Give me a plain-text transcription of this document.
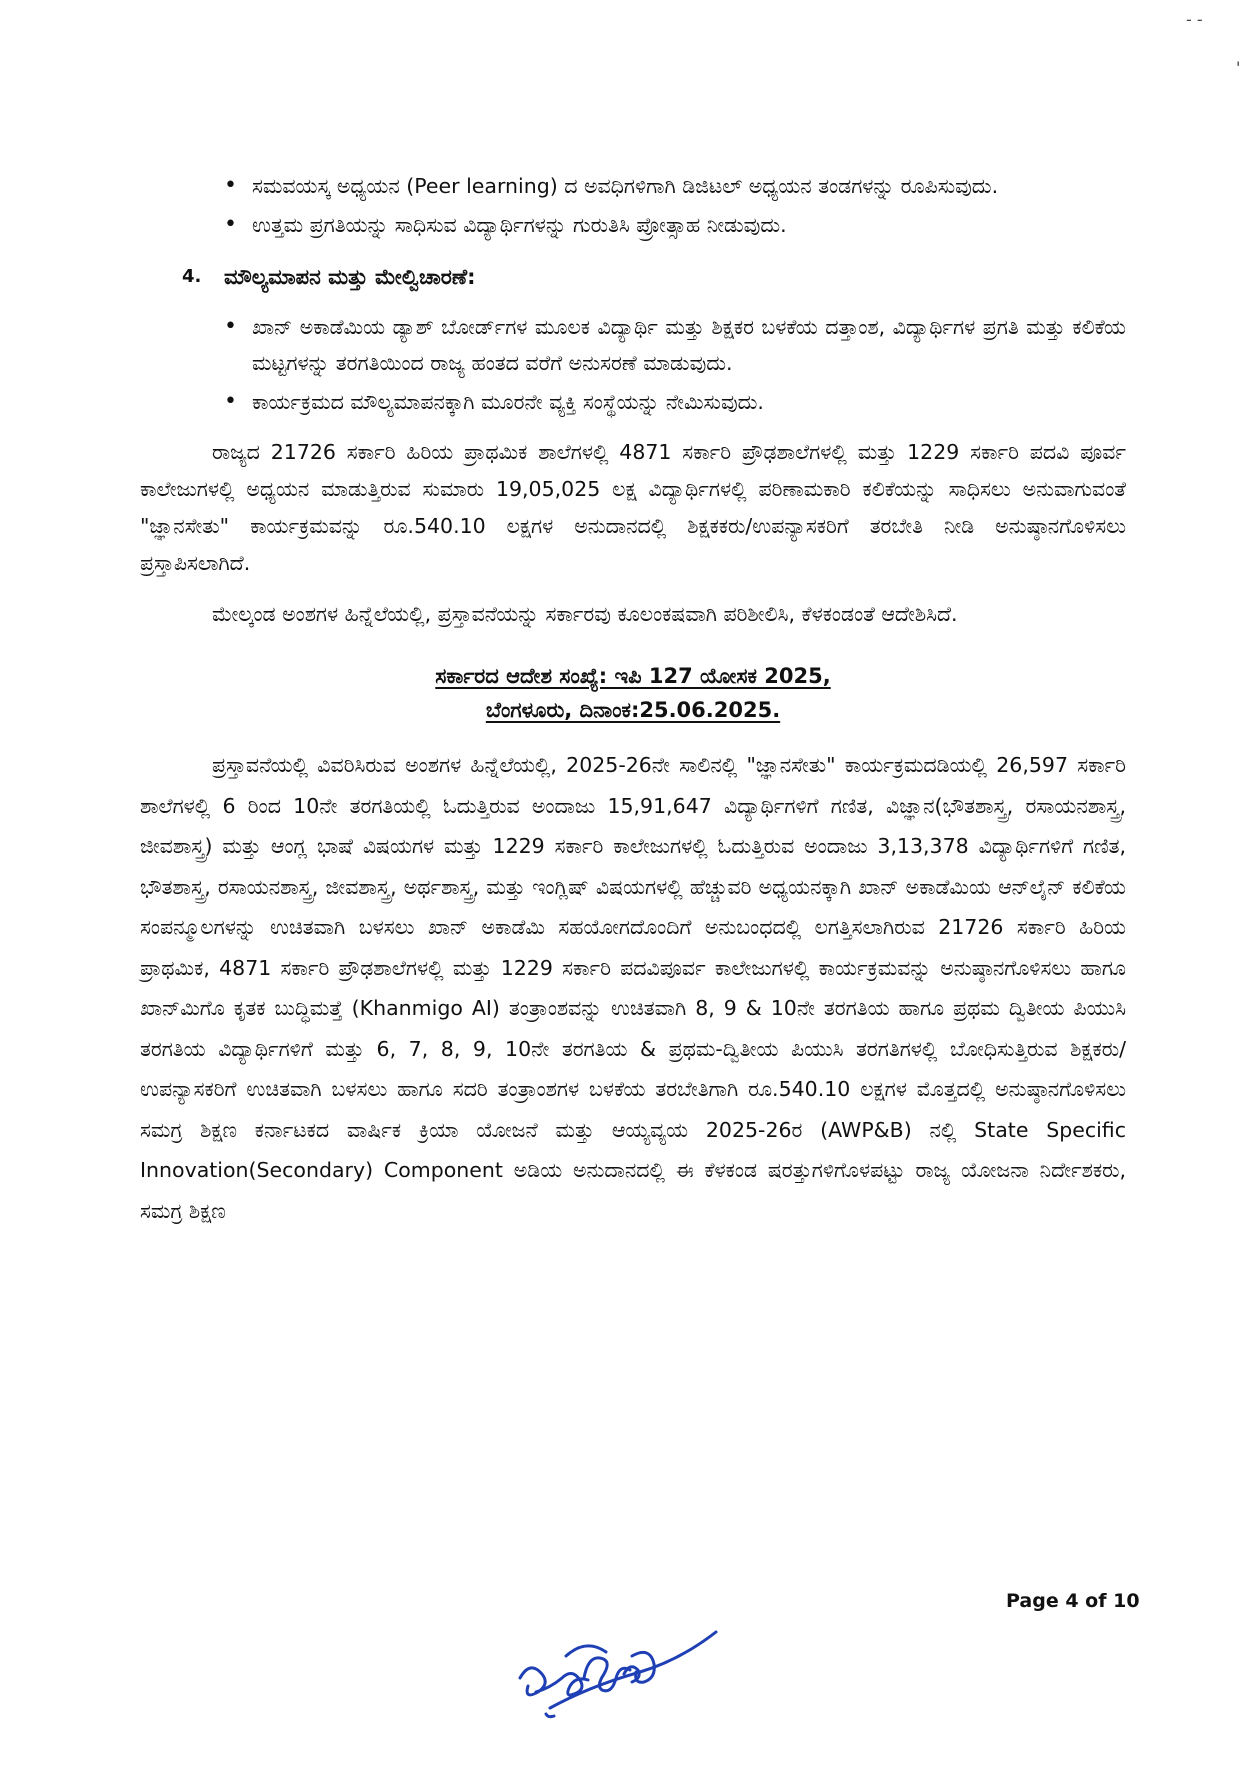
- -
'
• ಸಮವಯಸ್ಕ ಅಧ್ಯಯನ (Peer learning) ದ ಅವಧಿಗಳಿಗಾಗಿ ಡಿಜಿಟಲ್ ಅಧ್ಯಯನ ತಂಡಗಳನ್ನು ರೂಪಿಸುವುದು.
• ಉತ್ತಮ ಪ್ರಗತಿಯನ್ನು ಸಾಧಿಸುವ ವಿದ್ಯಾರ್ಥಿಗಳನ್ನು ಗುರುತಿಸಿ ಪ್ರೋತ್ಸಾಹ ನೀಡುವುದು.
4. ಮೌಲ್ಯಮಾಪನ ಮತ್ತು ಮೇಲ್ವಿಚಾರಣೆ:
• ಖಾನ್ ಅಕಾಡೆಮಿಯ ಡ್ಯಾಶ್ ಬೋರ್ಡ್‌ಗಳ ಮೂಲಕ ವಿದ್ಯಾರ್ಥಿ ಮತ್ತು ಶಿಕ್ಷಕರ ಬಳಕೆಯ ದತ್ತಾಂಶ, ವಿದ್ಯಾರ್ಥಿಗಳ ಪ್ರಗತಿ ಮತ್ತು ಕಲಿಕೆಯ ಮಟ್ಟಗಳನ್ನು ತರಗತಿಯಿಂದ ರಾಜ್ಯ ಹಂತದ ವರೆಗೆ ಅನುಸರಣೆ ಮಾಡುವುದು.
• ಕಾರ್ಯಕ್ರಮದ ಮೌಲ್ಯಮಾಪನಕ್ಕಾಗಿ ಮೂರನೇ ವ್ಯಕ್ತಿ ಸಂಸ್ಥೆಯನ್ನು ನೇಮಿಸುವುದು.

ರಾಜ್ಯದ 21726 ಸರ್ಕಾರಿ ಹಿರಿಯ ಪ್ರಾಥಮಿಕ ಶಾಲೆಗಳಲ್ಲಿ 4871 ಸರ್ಕಾರಿ ಪ್ರೌಢಶಾಲೆಗಳಲ್ಲಿ ಮತ್ತು 1229 ಸರ್ಕಾರಿ ಪದವಿ ಪೂರ್ವ ಕಾಲೇಜುಗಳಲ್ಲಿ ಅಧ್ಯಯನ ಮಾಡುತ್ತಿರುವ ಸುಮಾರು 19,05,025 ಲಕ್ಷ ವಿದ್ಯಾರ್ಥಿಗಳಲ್ಲಿ ಪರಿಣಾಮಕಾರಿ ಕಲಿಕೆಯನ್ನು ಸಾಧಿಸಲು ಅನುವಾಗುವಂತೆ "ಜ್ಞಾನಸೇತು" ಕಾರ್ಯಕ್ರಮವನ್ನು ರೂ.540.10 ಲಕ್ಷಗಳ ಅನುದಾನದಲ್ಲಿ ಶಿಕ್ಷಕಕರು/ಉಪನ್ಯಾಸಕರಿಗೆ ತರಬೇತಿ ನೀಡಿ ಅನುಷ್ಠಾನಗೊಳಿಸಲು ಪ್ರಸ್ತಾಪಿಸಲಾಗಿದೆ.

ಮೇಲ್ಕಂಡ ಅಂಶಗಳ ಹಿನ್ನೆಲೆಯಲ್ಲಿ, ಪ್ರಸ್ತಾವನೆಯನ್ನು ಸರ್ಕಾರವು ಕೂಲಂಕಷವಾಗಿ ಪರಿಶೀಲಿಸಿ, ಕೆಳಕಂಡಂತೆ ಆದೇಶಿಸಿದೆ.

ಸರ್ಕಾರದ ಆದೇಶ ಸಂಖ್ಯೆ: ಇಪಿ 127 ಯೋಸಕ 2025,
ಬೆಂಗಳೂರು, ದಿನಾಂಕ:25.06.2025.

ಪ್ರಸ್ತಾವನೆಯಲ್ಲಿ ವಿವರಿಸಿರುವ ಅಂಶಗಳ ಹಿನ್ನೆಲೆಯಲ್ಲಿ, 2025-26ನೇ ಸಾಲಿನಲ್ಲಿ "ಜ್ಞಾನಸೇತು" ಕಾರ್ಯಕ್ರಮದಡಿಯಲ್ಲಿ 26,597 ಸರ್ಕಾರಿ ಶಾಲೆಗಳಲ್ಲಿ 6 ರಿಂದ 10ನೇ ತರಗತಿಯಲ್ಲಿ ಓದುತ್ತಿರುವ ಅಂದಾಜು 15,91,647 ವಿದ್ಯಾರ್ಥಿಗಳಿಗೆ ಗಣಿತ, ವಿಜ್ಞಾನ(ಭೌತಶಾಸ್ತ್ರ, ರಸಾಯನಶಾಸ್ತ್ರ, ಜೀವಶಾಸ್ತ್ರ) ಮತ್ತು ಆಂಗ್ಲ ಭಾಷೆ ವಿಷಯಗಳ ಮತ್ತು 1229 ಸರ್ಕಾರಿ ಕಾಲೇಜುಗಳಲ್ಲಿ ಓದುತ್ತಿರುವ ಅಂದಾಜು 3,13,378 ವಿದ್ಯಾರ್ಥಿಗಳಿಗೆ ಗಣಿತ, ಭೌತಶಾಸ್ತ್ರ, ರಸಾಯನಶಾಸ್ತ್ರ, ಜೀವಶಾಸ್ತ್ರ, ಅರ್ಥಶಾಸ್ತ್ರ, ಮತ್ತು ಇಂಗ್ಲಿಷ್ ವಿಷಯಗಳಲ್ಲಿ ಹೆಚ್ಚುವರಿ ಅಧ್ಯಯನಕ್ಕಾಗಿ ಖಾನ್ ಅಕಾಡೆಮಿಯ ಆನ್‌ಲೈನ್ ಕಲಿಕೆಯ ಸಂಪನ್ಮೂಲಗಳನ್ನು ಉಚಿತವಾಗಿ ಬಳಸಲು ಖಾನ್ ಅಕಾಡೆಮಿ ಸಹಯೋಗದೊಂದಿಗೆ ಅನುಬಂಧದಲ್ಲಿ ಲಗತ್ತಿಸಲಾಗಿರುವ 21726 ಸರ್ಕಾರಿ ಹಿರಿಯ ಪ್ರಾಥಮಿಕ, 4871 ಸರ್ಕಾರಿ ಪ್ರೌಢಶಾಲೆಗಳಲ್ಲಿ ಮತ್ತು 1229 ಸರ್ಕಾರಿ ಪದವಿಪೂರ್ವ ಕಾಲೇಜುಗಳಲ್ಲಿ ಕಾರ್ಯಕ್ರಮವನ್ನು ಅನುಷ್ಠಾನಗೊಳಿಸಲು ಹಾಗೂ ಖಾನ್‌ಮಿಗೊ ಕೃತಕ ಬುದ್ಧಿಮತ್ತೆ (Khanmigo AI) ತಂತ್ರಾಂಶವನ್ನು ಉಚಿತವಾಗಿ 8, 9 & 10ನೇ ತರಗತಿಯ ಹಾಗೂ ಪ್ರಥಮ ದ್ವಿತೀಯ ಪಿಯುಸಿ ತರಗತಿಯ ವಿದ್ಯಾರ್ಥಿಗಳಿಗೆ ಮತ್ತು 6, 7, 8, 9, 10ನೇ ತರಗತಿಯ & ಪ್ರಥಮ-ದ್ವಿತೀಯ ಪಿಯುಸಿ ತರಗತಿಗಳಲ್ಲಿ ಬೋಧಿಸುತ್ತಿರುವ ಶಿಕ್ಷಕರು/ಉಪನ್ಯಾಸಕರಿಗೆ ಉಚಿತವಾಗಿ ಬಳಸಲು ಹಾಗೂ ಸದರಿ ತಂತ್ರಾಂಶಗಳ ಬಳಕೆಯ ತರಬೇತಿಗಾಗಿ ರೂ.540.10 ಲಕ್ಷಗಳ ಮೊತ್ತದಲ್ಲಿ ಅನುಷ್ಠಾನಗೊಳಿಸಲು ಸಮಗ್ರ ಶಿಕ್ಷಣ ಕರ್ನಾಟಕದ ವಾರ್ಷಿಕ ಕ್ರಿಯಾ ಯೋಜನೆ ಮತ್ತು ಆಯ್ಯವ್ಯಯ 2025-26ರ (AWP&B) ನಲ್ಲಿ State Specific Innovation(Secondary) Component ಅಡಿಯ ಅನುದಾನದಲ್ಲಿ ಈ ಕೆಳಕಂಡ ಷರತ್ತುಗಳಿಗೊಳಪಟ್ಟು ರಾಜ್ಯ ಯೋಜನಾ ನಿರ್ದೇಶಕರು, ಸಮಗ್ರ ಶಿಕ್ಷಣ

Page 4 of 10
